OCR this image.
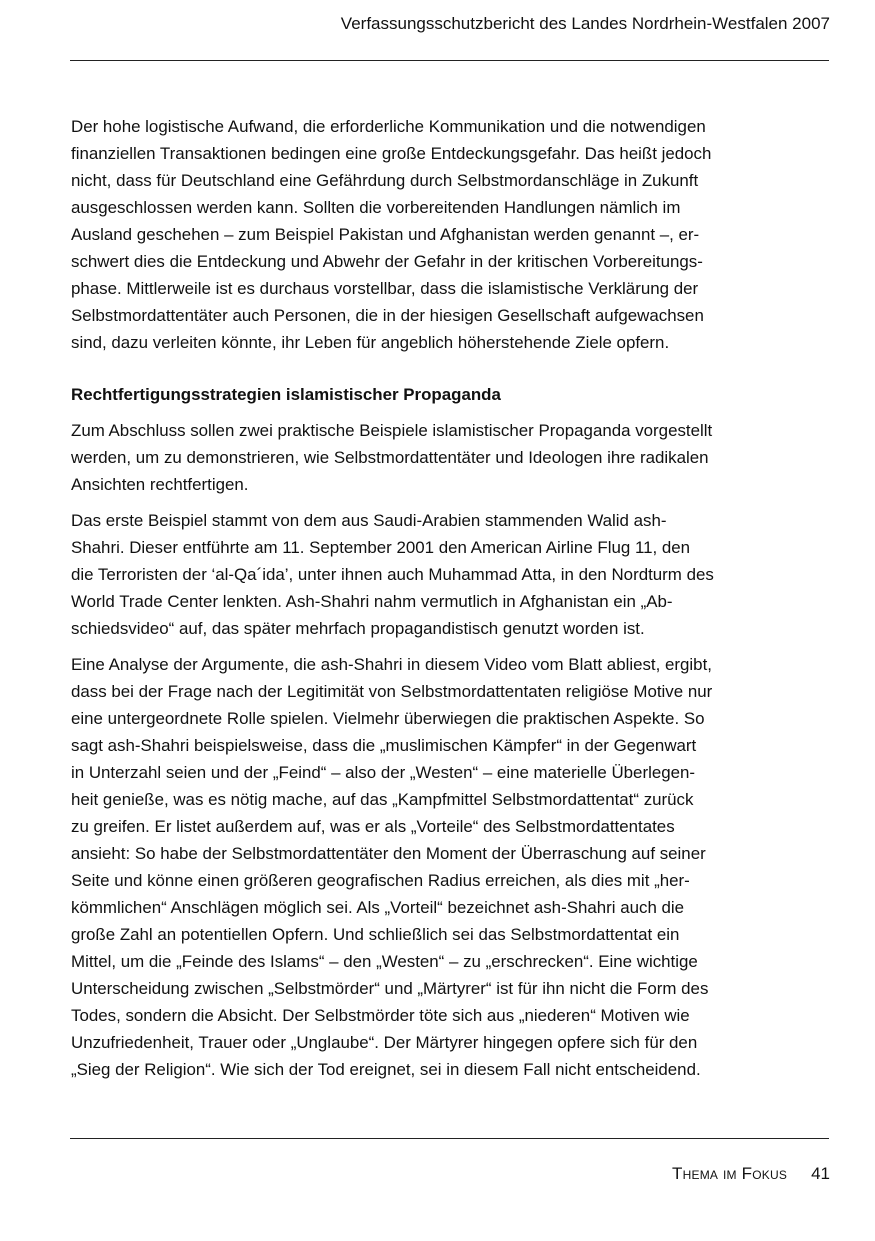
Verfassungsschutzbericht des Landes Nordrhein-Westfalen 2007

Der hohe logistische Aufwand, die erforderliche Kommunikation und die notwendigen
finanziellen Transaktionen bedingen eine große Entdeckungsgefahr. Das heißt jedoch
nicht, dass für Deutschland eine Gefährdung durch Selbstmordanschläge in Zukunft
ausgeschlossen werden kann. Sollten die vorbereitenden Handlungen nämlich im
Ausland geschehen – zum Beispiel Pakistan und Afghanistan werden genannt –, er-
schwert dies die Entdeckung und Abwehr der Gefahr in der kritischen Vorbereitungs-
phase. Mittlerweile ist es durchaus vorstellbar, dass die islamistische Verklärung der
Selbstmordattentäter auch Personen, die in der hiesigen Gesellschaft aufgewachsen
sind, dazu verleiten könnte, ihr Leben für angeblich höherstehende Ziele opfern.

Rechtfertigungsstrategien islamistischer Propaganda

Zum Abschluss sollen zwei praktische Beispiele islamistischer Propaganda vorgestellt
werden, um zu demonstrieren, wie Selbstmordattentäter und Ideologen ihre radikalen
Ansichten rechtfertigen.

Das erste Beispiel stammt von dem aus Saudi-Arabien stammenden Walid ash-
Shahri. Dieser entführte am 11. September 2001 den American Airline Flug 11, den
die Terroristen der ‘al-Qa´ida’, unter ihnen auch Muhammad Atta, in den Nordturm des
World Trade Center lenkten. Ash-Shahri nahm vermutlich in Afghanistan ein „Ab-
schiedsvideo“ auf, das später mehrfach propagandistisch genutzt worden ist.

Eine Analyse der Argumente, die ash-Shahri in diesem Video vom Blatt abliest, ergibt,
dass bei der Frage nach der Legitimität von Selbstmordattentaten religiöse Motive nur
eine untergeordnete Rolle spielen. Vielmehr überwiegen die praktischen Aspekte. So
sagt ash-Shahri beispielsweise, dass die „muslimischen Kämpfer“ in der Gegenwart
in Unterzahl seien und der „Feind“ – also der „Westen“ – eine materielle Überlegen-
heit genieße, was es nötig mache, auf das „Kampfmittel Selbstmordattentat“ zurück
zu greifen. Er listet außerdem auf, was er als „Vorteile“ des Selbstmordattentates
ansieht: So habe der Selbstmordattentäter den Moment der Überraschung auf seiner
Seite und könne einen größeren geografischen Radius erreichen, als dies mit „her-
kömmlichen“ Anschlägen möglich sei. Als „Vorteil“ bezeichnet ash-Shahri auch die
große Zahl an potentiellen Opfern. Und schließlich sei das Selbstmordattentat ein
Mittel, um die „Feinde des Islams“ – den „Westen“ – zu „erschrecken“. Eine wichtige
Unterscheidung zwischen „Selbstmörder“ und „Märtyrer“ ist für ihn nicht die Form des
Todes, sondern die Absicht. Der Selbstmörder töte sich aus „niederen“ Motiven wie
Unzufriedenheit, Trauer oder „Unglaube“. Der Märtyrer hingegen opfere sich für den
„Sieg der Religion“. Wie sich der Tod ereignet, sei in diesem Fall nicht entscheidend.

Thema im Fokus 41
